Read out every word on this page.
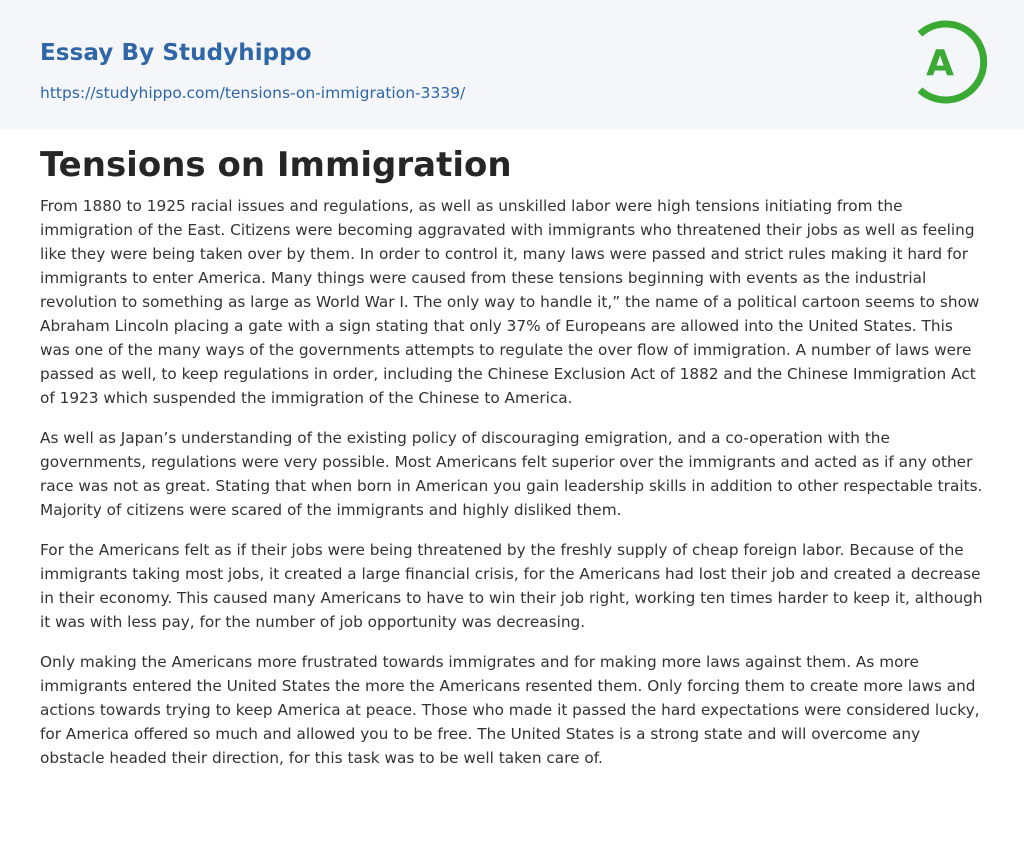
Essay By Studyhippo
https://studyhippo.com/tensions-on-immigration-3339/
A
Tensions on Immigration

From 1880 to 1925 racial issues and regulations, as well as unskilled labor were high tensions initiating from the immigration of the East. Citizens were becoming aggravated with immigrants who threatened their jobs as well as feeling like they were being taken over by them. In order to control it, many laws were passed and strict rules making it hard for immigrants to enter America. Many things were caused from these tensions beginning with events as the industrial revolution to something as large as World War I. The only way to handle it,” the name of a political cartoon seems to show Abraham Lincoln placing a gate with a sign stating that only 37% of Europeans are allowed into the United States. This was one of the many ways of the governments attempts to regulate the over flow of immigration. A number of laws were passed as well, to keep regulations in order, including the Chinese Exclusion Act of 1882 and the Chinese Immigration Act of 1923 which suspended the immigration of the Chinese to America.

As well as Japan’s understanding of the existing policy of discouraging emigration, and a co-operation with the governments, regulations were very possible. Most Americans felt superior over the immigrants and acted as if any other race was not as great. Stating that when born in American you gain leadership skills in addition to other respectable traits. Majority of citizens were scared of the immigrants and highly disliked them.

For the Americans felt as if their jobs were being threatened by the freshly supply of cheap foreign labor. Because of the immigrants taking most jobs, it created a large financial crisis, for the Americans had lost their job and created a decrease in their economy. This caused many Americans to have to win their job right, working ten times harder to keep it, although it was with less pay, for the number of job opportunity was decreasing.

Only making the Americans more frustrated towards immigrates and for making more laws against them. As more immigrants entered the United States the more the Americans resented them. Only forcing them to create more laws and actions towards trying to keep America at peace. Those who made it passed the hard expectations were considered lucky, for America offered so much and allowed you to be free. The United States is a strong state and will overcome any obstacle headed their direction, for this task was to be well taken care of.
